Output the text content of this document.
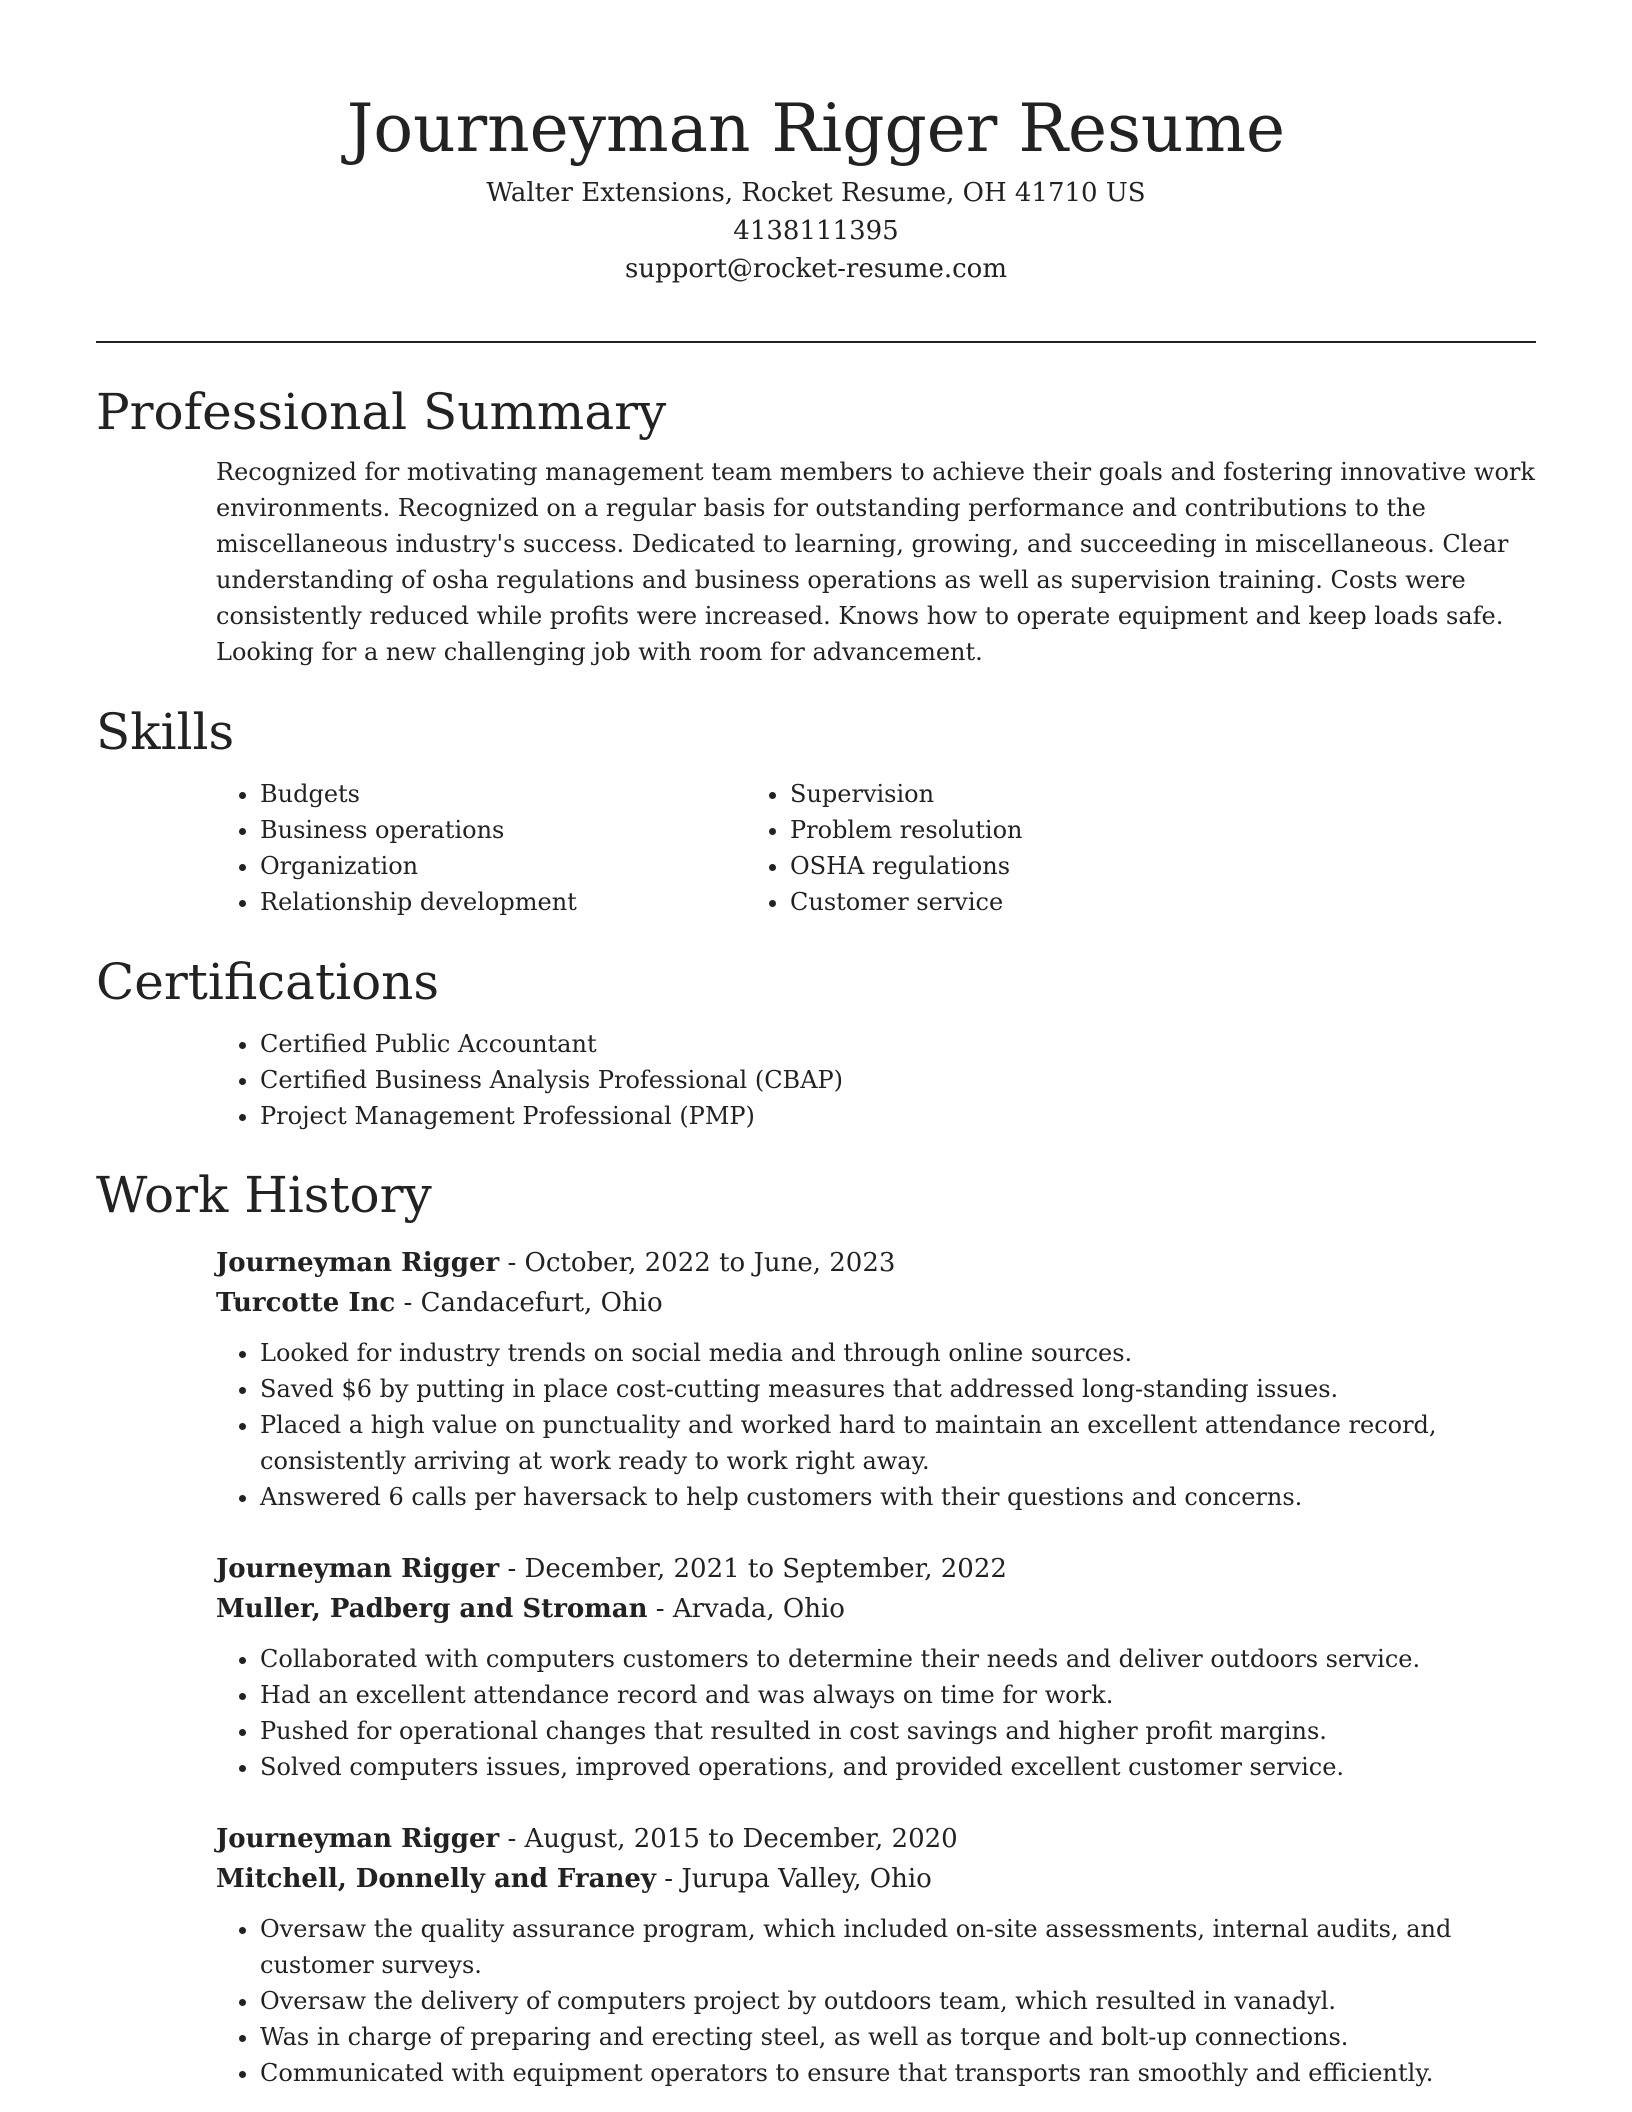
Journeyman Rigger Resume
Walter Extensions, Rocket Resume, OH 41710 US
4138111395
support@rocket-resume.com
Professional Summary

Recognized for motivating management team members to achieve their goals and fostering innovative work environments. Recognized on a regular basis for outstanding performance and contributions to the miscellaneous industry's success. Dedicated to learning, growing, and succeeding in miscellaneous. Clear understanding of osha regulations and business operations as well as supervision training. Costs were consistently reduced while profits were increased. Knows how to operate equipment and keep loads safe. Looking for a new challenging job with room for advancement.

Skills
• Budgets
• Business operations
• Organization
• Relationship development
• Supervision
• Problem resolution
• OSHA regulations
• Customer service
Certifications
• Certified Public Accountant
• Certified Business Analysis Professional (CBAP)
• Project Management Professional (PMP)
Work History
Journeyman Rigger - October, 2022 to June, 2023
Turcotte Inc - Candacefurt, Ohio
• Looked for industry trends on social media and through online sources.
• Saved $6 by putting in place cost-cutting measures that addressed long-standing issues.
• Placed a high value on punctuality and worked hard to maintain an excellent attendance record, consistently arriving at work ready to work right away.
• Answered 6 calls per haversack to help customers with their questions and concerns.
Journeyman Rigger - December, 2021 to September, 2022
Muller, Padberg and Stroman - Arvada, Ohio
• Collaborated with computers customers to determine their needs and deliver outdoors service.
• Had an excellent attendance record and was always on time for work.
• Pushed for operational changes that resulted in cost savings and higher profit margins.
• Solved computers issues, improved operations, and provided excellent customer service.
Journeyman Rigger - August, 2015 to December, 2020
Mitchell, Donnelly and Franey - Jurupa Valley, Ohio
• Oversaw the quality assurance program, which included on-site assessments, internal audits, and customer surveys.
• Oversaw the delivery of computers project by outdoors team, which resulted in vanadyl.
• Was in charge of preparing and erecting steel, as well as torque and bolt-up connections.
• Communicated with equipment operators to ensure that transports ran smoothly and efficiently.
